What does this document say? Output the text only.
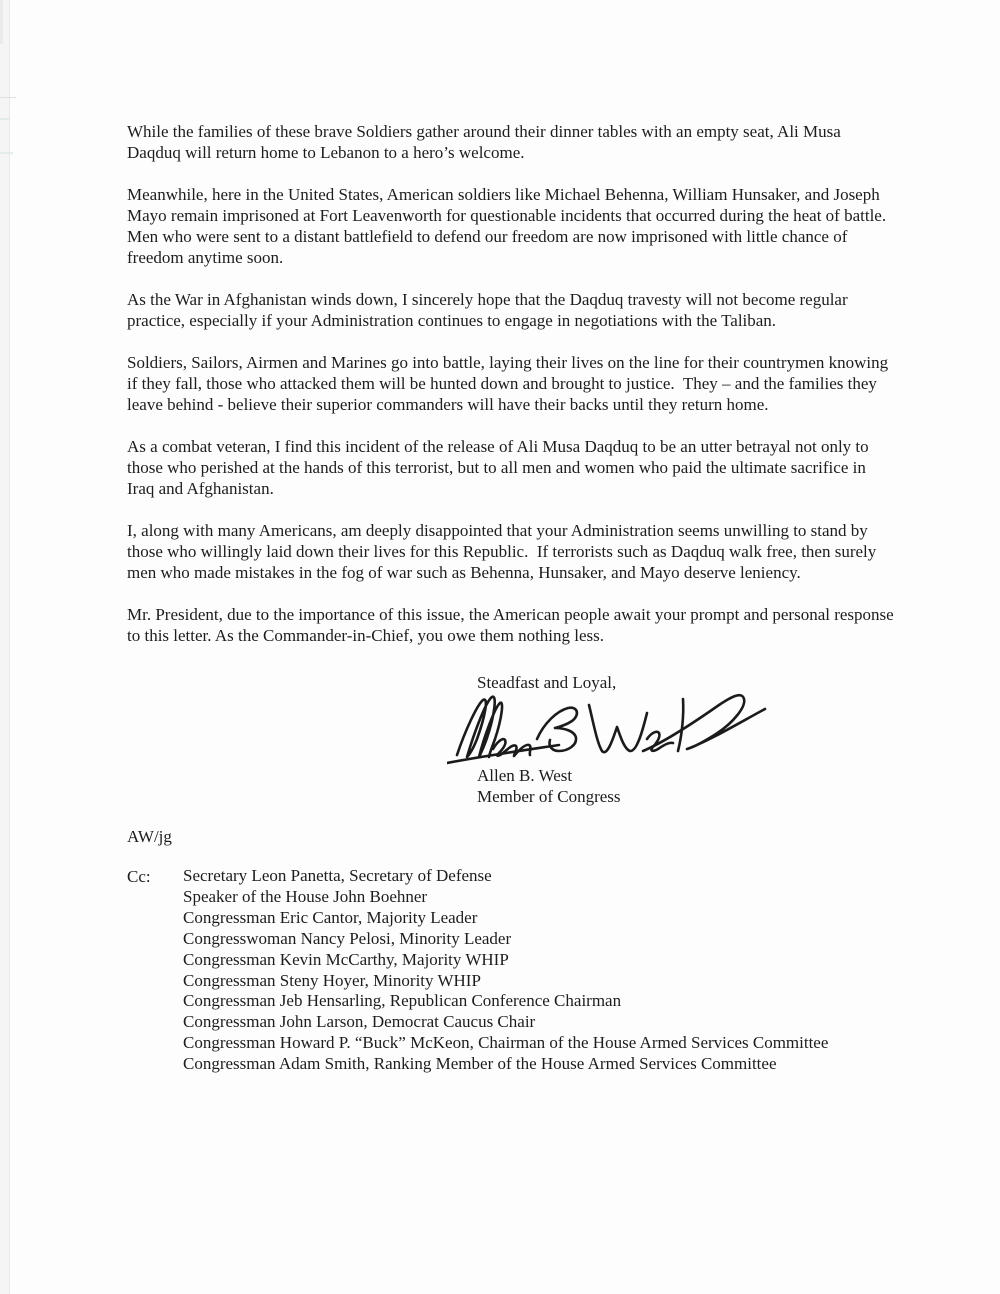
While the families of these brave Soldiers gather around their dinner tables with an empty seat, Ali Musa Daqduq will return home to Lebanon to a hero’s welcome.

Meanwhile, here in the United States, American soldiers like Michael Behenna, William Hunsaker, and Joseph Mayo remain imprisoned at Fort Leavenworth for questionable incidents that occurred during the heat of battle.  Men who were sent to a distant battlefield to defend our freedom are now imprisoned with little chance of freedom anytime soon.

As the War in Afghanistan winds down, I sincerely hope that the Daqduq travesty will not become regular practice, especially if your Administration continues to engage in negotiations with the Taliban.

Soldiers, Sailors, Airmen and Marines go into battle, laying their lives on the line for their countrymen knowing if they fall, those who attacked them will be hunted down and brought to justice.  They – and the families they leave behind - believe their superior commanders will have their backs until they return home.

As a combat veteran, I find this incident of the release of Ali Musa Daqduq to be an utter betrayal not only to those who perished at the hands of this terrorist, but to all men and women who paid the ultimate sacrifice in Iraq and Afghanistan.

I, along with many Americans, am deeply disappointed that your Administration seems unwilling to stand by those who willingly laid down their lives for this Republic.  If terrorists such as Daqduq walk free, then surely men who made mistakes in the fog of war such as Behenna, Hunsaker, and Mayo deserve leniency.

Mr. President, due to the importance of this issue, the American people await your prompt and personal response to this letter. As the Commander-in-Chief, you owe them nothing less.

Steadfast and Loyal,
Allen B. West
Member of Congress
AW/jg
Cc:	Secretary Leon Panetta, Secretary of Defense
Speaker of the House John Boehner
Congressman Eric Cantor, Majority Leader
Congresswoman Nancy Pelosi, Minority Leader
Congressman Kevin McCarthy, Majority WHIP
Congressman Steny Hoyer, Minority WHIP
Congressman Jeb Hensarling, Republican Conference Chairman
Congressman John Larson, Democrat Caucus Chair
Congressman Howard P. “Buck” McKeon, Chairman of the House Armed Services Committee
Congressman Adam Smith, Ranking Member of the House Armed Services Committee
